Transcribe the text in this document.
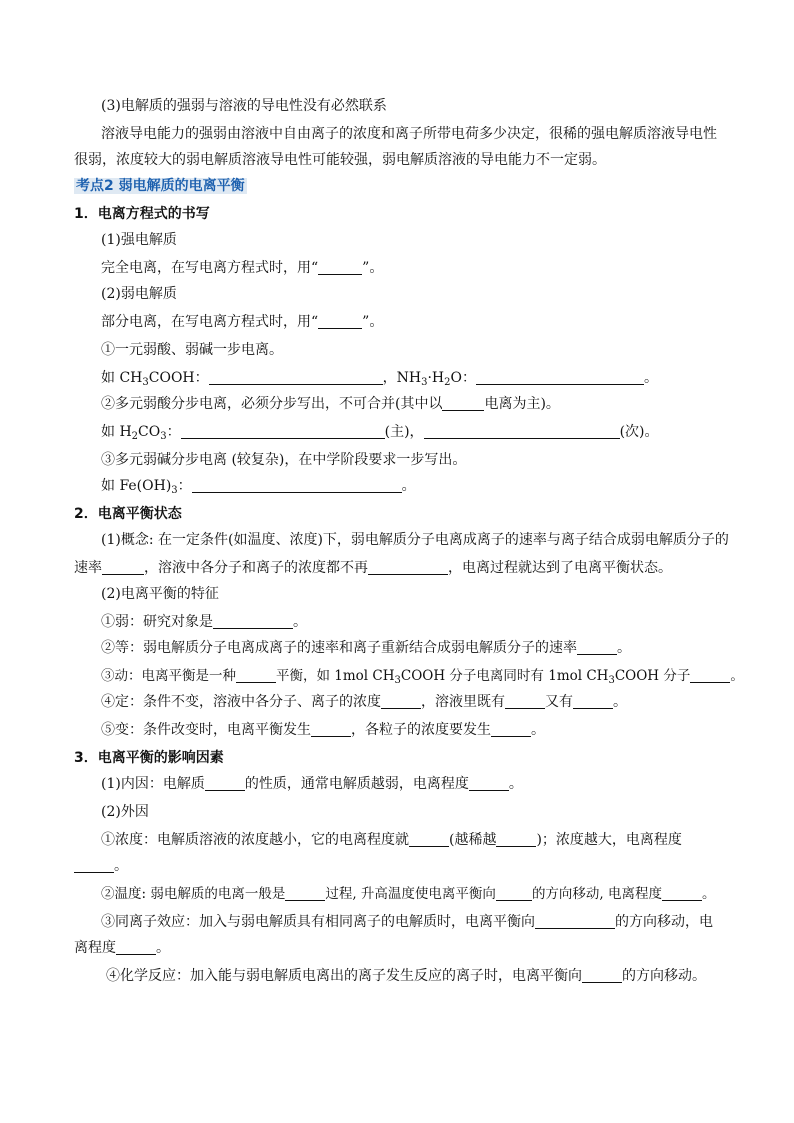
(3)电解质的强弱与溶液的导电性没有必然联系
溶液导电能力的强弱由溶液中自由离子的浓度和离子所带电荷多少决定，很稀的强电解质溶液导电性
很弱，浓度较大的弱电解质溶液导电性可能较强，弱电解质溶液的导电能力不一定弱。
考点2 弱电解质的电离平衡
1．电离方程式的书写
(1)强电解质
完全电离，在写电离方程式时，用“	”。
(2)弱电解质
部分电离，在写电离方程式时，用“	”。
①一元弱酸、弱碱一步电离。
如 $CH_3COOH$：	，$NH_3\cdot H_2O$：	。
②多元弱酸分步电离，必须分步写出，不可合并(其中以	电离为主)。
如 $H_2CO_3$：	(主)，	(次)。
③多元弱碱分步电离 (较复杂)，在中学阶段要求一步写出。
如 $Fe(OH)_3$：	。
2．电离平衡状态
(1)概念: 在一定条件(如温度、浓度)下，弱电解质分子电离成离子的速率与离子结合成弱电解质分子的
速率	，溶液中各分子和离子的浓度都不再	，电离过程就达到了电离平衡状态。
(2)电离平衡的特征
①弱：研究对象是	。
②等：弱电解质分子电离成离子的速率和离子重新结合成弱电解质分子的速率	。
③动：电离平衡是一种	平衡，如 1mol $CH_3COOH$ 分子电离同时有 1mol $CH_3COOH$ 分子	。
④定：条件不变，溶液中各分子、离子的浓度	，溶液里既有	又有	。
⑤变：条件改变时，电离平衡发生	，各粒子的浓度要发生	。
3．电离平衡的影响因素
(1)内因：电解质	的性质，通常电解质越弱，电离程度	。
(2)外因
①浓度：电解质溶液的浓度越小，它的电离程度就	(越稀越	)；浓度越大，电离程度
。
②温度: 弱电解质的电离一般是	过程, 升高温度使电离平衡向	的方向移动, 电离程度	。
③同离子效应：加入与弱电解质具有相同离子的电解质时，电离平衡向	的方向移动，电
离程度	。
④化学反应：加入能与弱电解质电离出的离子发生反应的离子时，电离平衡向	的方向移动。
